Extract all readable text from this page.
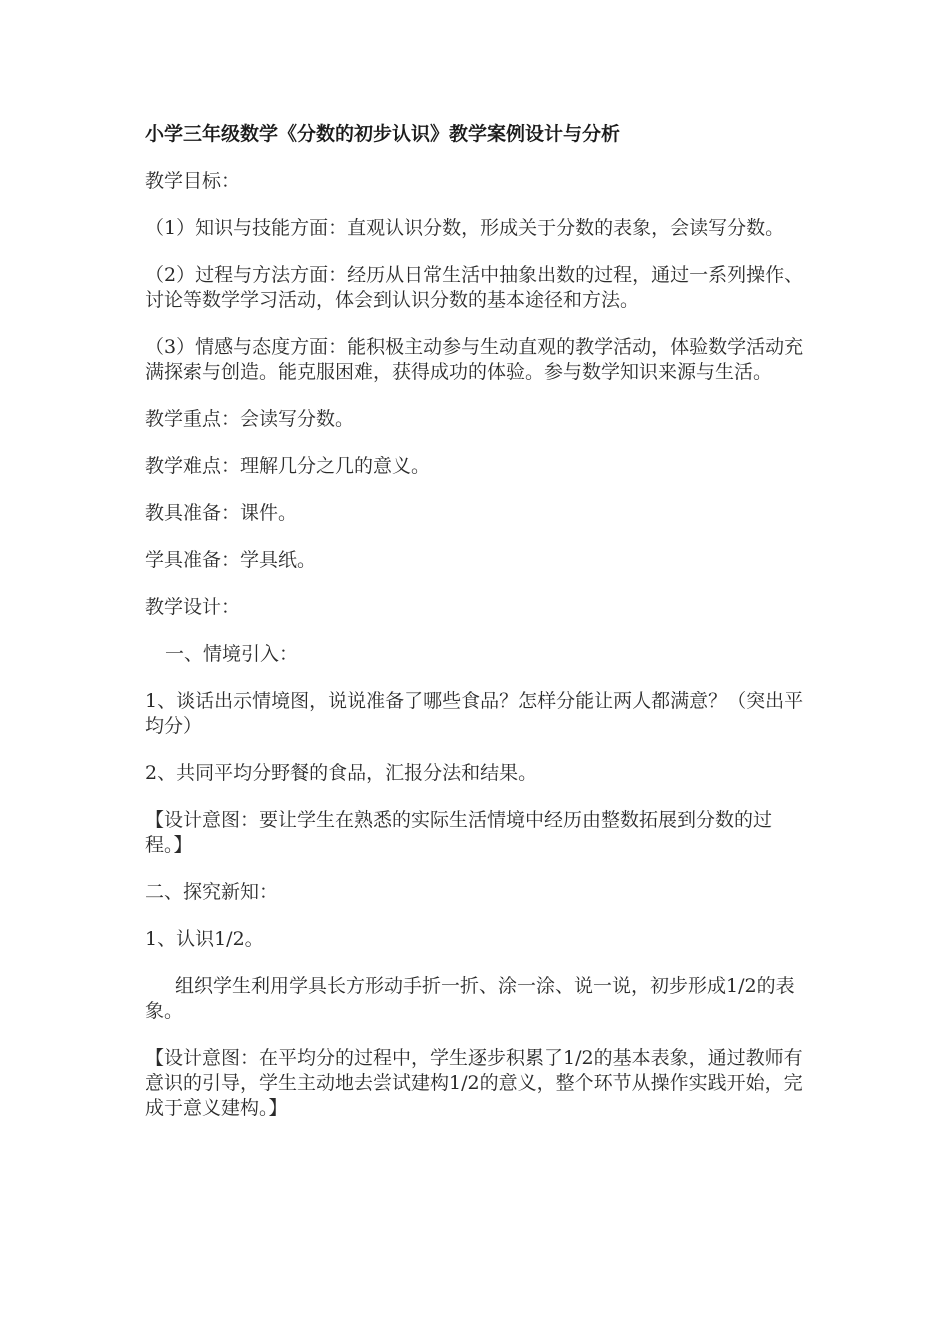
小学三年级数学《分数的初步认识》教学案例设计与分析
教学目标：
（1）知识与技能方面：直观认识分数，形成关于分数的表象，会读写分数。
（2）过程与方法方面：经历从日常生活中抽象出数的过程，通过一系列操作、讨论等数学学习活动，体会到认识分数的基本途径和方法。
（3）情感与态度方面：能积极主动参与生动直观的教学活动，体验数学活动充满探索与创造。能克服困难，获得成功的体验。参与数学知识来源与生活。
教学重点：会读写分数。
教学难点：理解几分之几的意义。
教具准备：课件。
学具准备：学具纸。
教学设计：
一、情境引入：
1、谈话出示情境图，说说准备了哪些食品？怎样分能让两人都满意？（突出平均分）
2、共同平均分野餐的食品，汇报分法和结果。
【设计意图：要让学生在熟悉的实际生活情境中经历由整数拓展到分数的过程。】
二、探究新知：
1、认识1/2。
组织学生利用学具长方形动手折一折、涂一涂、说一说，初步形成1/2的表象。
【设计意图：在平均分的过程中，学生逐步积累了1/2的基本表象，通过教师有意识的引导，学生主动地去尝试建构1/2的意义，整个环节从操作实践开始，完成于意义建构。】
